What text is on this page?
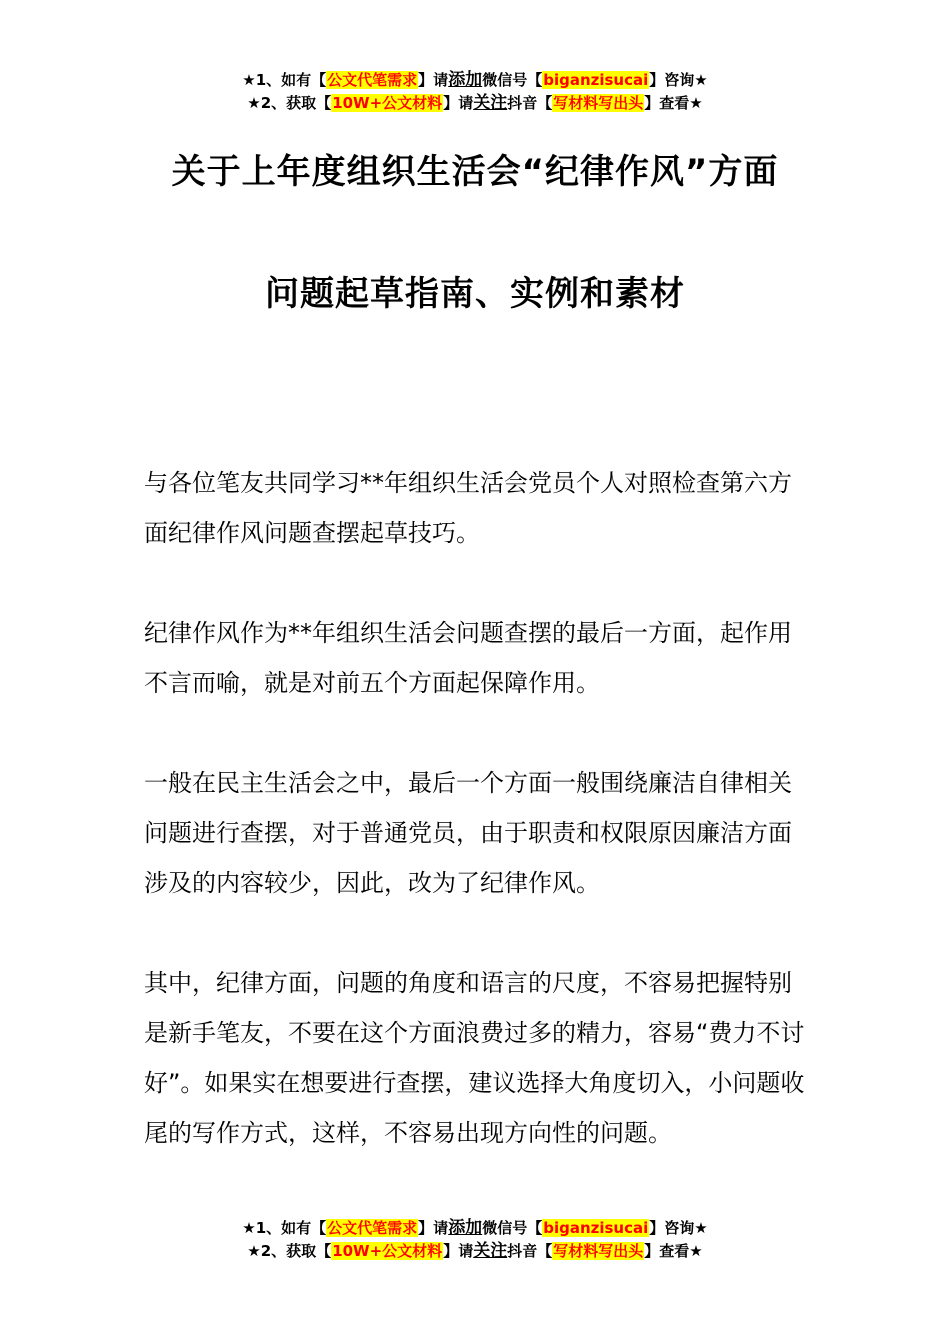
★1、如有【公文代笔需求】请添加微信号【biganzisucai】咨询★
★2、获取【10W+公文材料】请关注抖音【写材料写出头】查看★
关于上年度组织生活会“纪律作风”方面
问题起草指南、实例和素材

与各位笔友共同学习**年组织生活会党员个人对照检查第六方面纪律作风问题查摆起草技巧。

纪律作风作为**年组织生活会问题查摆的最后一方面，起作用不言而喻，就是对前五个方面起保障作用。

一般在民主生活会之中，最后一个方面一般围绕廉洁自律相关问题进行查摆，对于普通党员，由于职责和权限原因廉洁方面涉及的内容较少，因此，改为了纪律作风。

其中，纪律方面，问题的角度和语言的尺度，不容易把握特别是新手笔友，不要在这个方面浪费过多的精力，容易“费力不讨好”。如果实在想要进行查摆，建议选择大角度切入，小问题收尾的写作方式，这样，不容易出现方向性的问题。

★1、如有【公文代笔需求】请添加微信号【biganzisucai】咨询★
★2、获取【10W+公文材料】请关注抖音【写材料写出头】查看★
